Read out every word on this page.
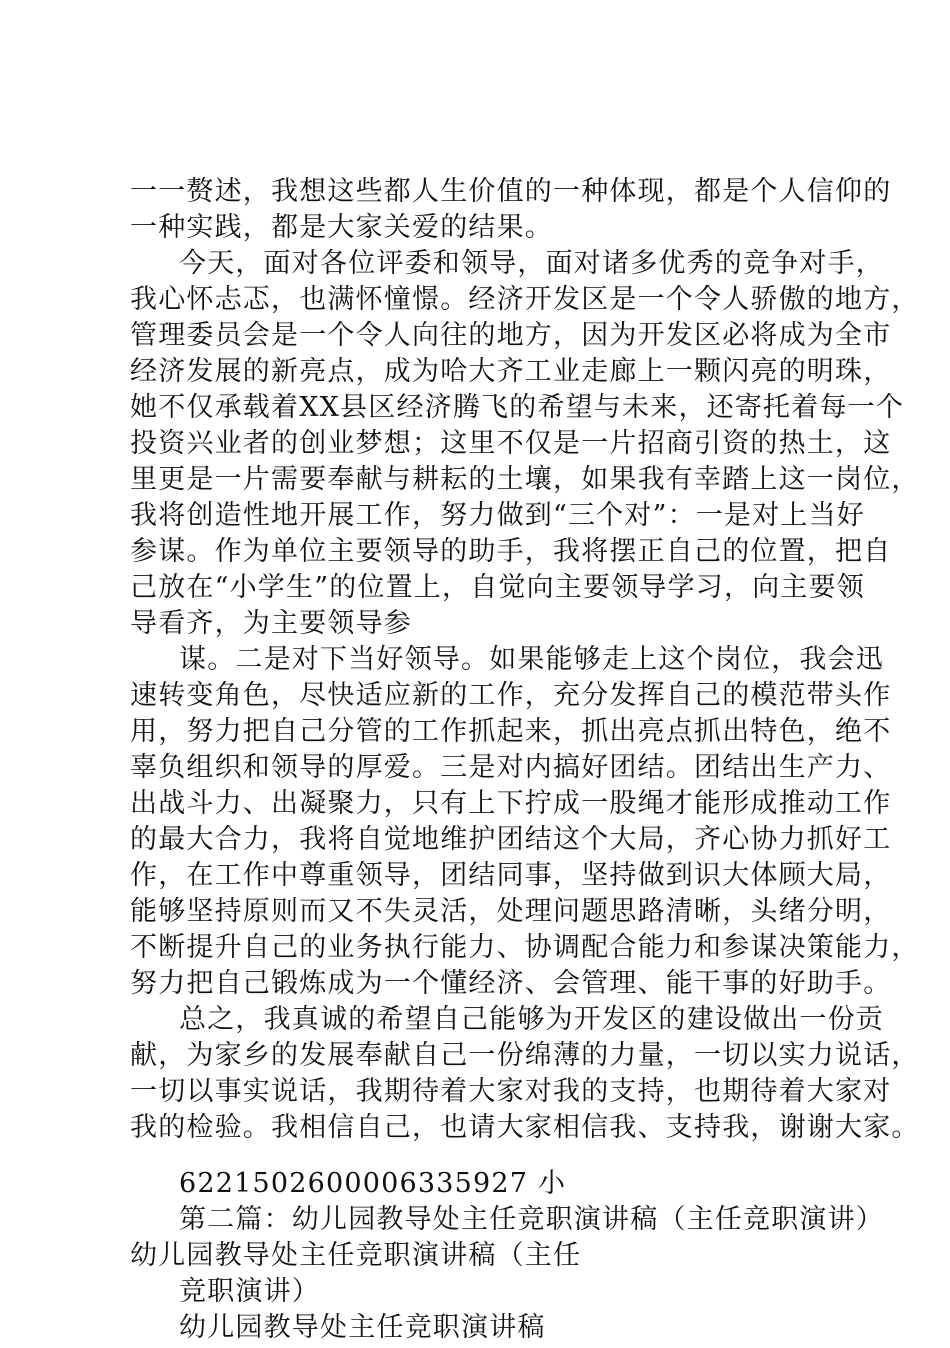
一一赘述，我想这些都人生价值的一种体现，都是个人信仰的
一种实践，都是大家关爱的结果。
今天，面对各位评委和领导，面对诸多优秀的竞争对手，
我心怀忐忑，也满怀憧憬。经济开发区是一个令人骄傲的地方，
管理委员会是一个令人向往的地方，因为开发区必将成为全市
经济发展的新亮点，成为哈大齐工业走廊上一颗闪亮的明珠，
她不仅承载着XX县区经济腾飞的希望与未来，还寄托着每一个
投资兴业者的创业梦想；这里不仅是一片招商引资的热土，这
里更是一片需要奉献与耕耘的土壤，如果我有幸踏上这一岗位，
我将创造性地开展工作，努力做到“三个对”：一是对上当好
参谋。作为单位主要领导的助手，我将摆正自己的位置，把自
己放在“小学生”的位置上，自觉向主要领导学习，向主要领
导看齐，为主要领导参
谋。二是对下当好领导。如果能够走上这个岗位，我会迅
速转变角色，尽快适应新的工作，充分发挥自己的模范带头作
用，努力把自己分管的工作抓起来，抓出亮点抓出特色，绝不
辜负组织和领导的厚爱。三是对内搞好团结。团结出生产力、
出战斗力、出凝聚力，只有上下拧成一股绳才能形成推动工作
的最大合力，我将自觉地维护团结这个大局，齐心协力抓好工
作，在工作中尊重领导，团结同事，坚持做到识大体顾大局，
能够坚持原则而又不失灵活，处理问题思路清晰，头绪分明，
不断提升自己的业务执行能力、协调配合能力和参谋决策能力，
努力把自己锻炼成为一个懂经济、会管理、能干事的好助手。
总之，我真诚的希望自己能够为开发区的建设做出一份贡
献，为家乡的发展奉献自己一份绵薄的力量，一切以实力说话，
一切以事实说话，我期待着大家对我的支持，也期待着大家对
我的检验。我相信自己，也请大家相信我、支持我，谢谢大家。
6221502600006335927 小
第二篇：幼儿园教导处主任竞职演讲稿（主任竞职演讲）
幼儿园教导处主任竞职演讲稿（主任
竞职演讲）
幼儿园教导处主任竞职演讲稿
